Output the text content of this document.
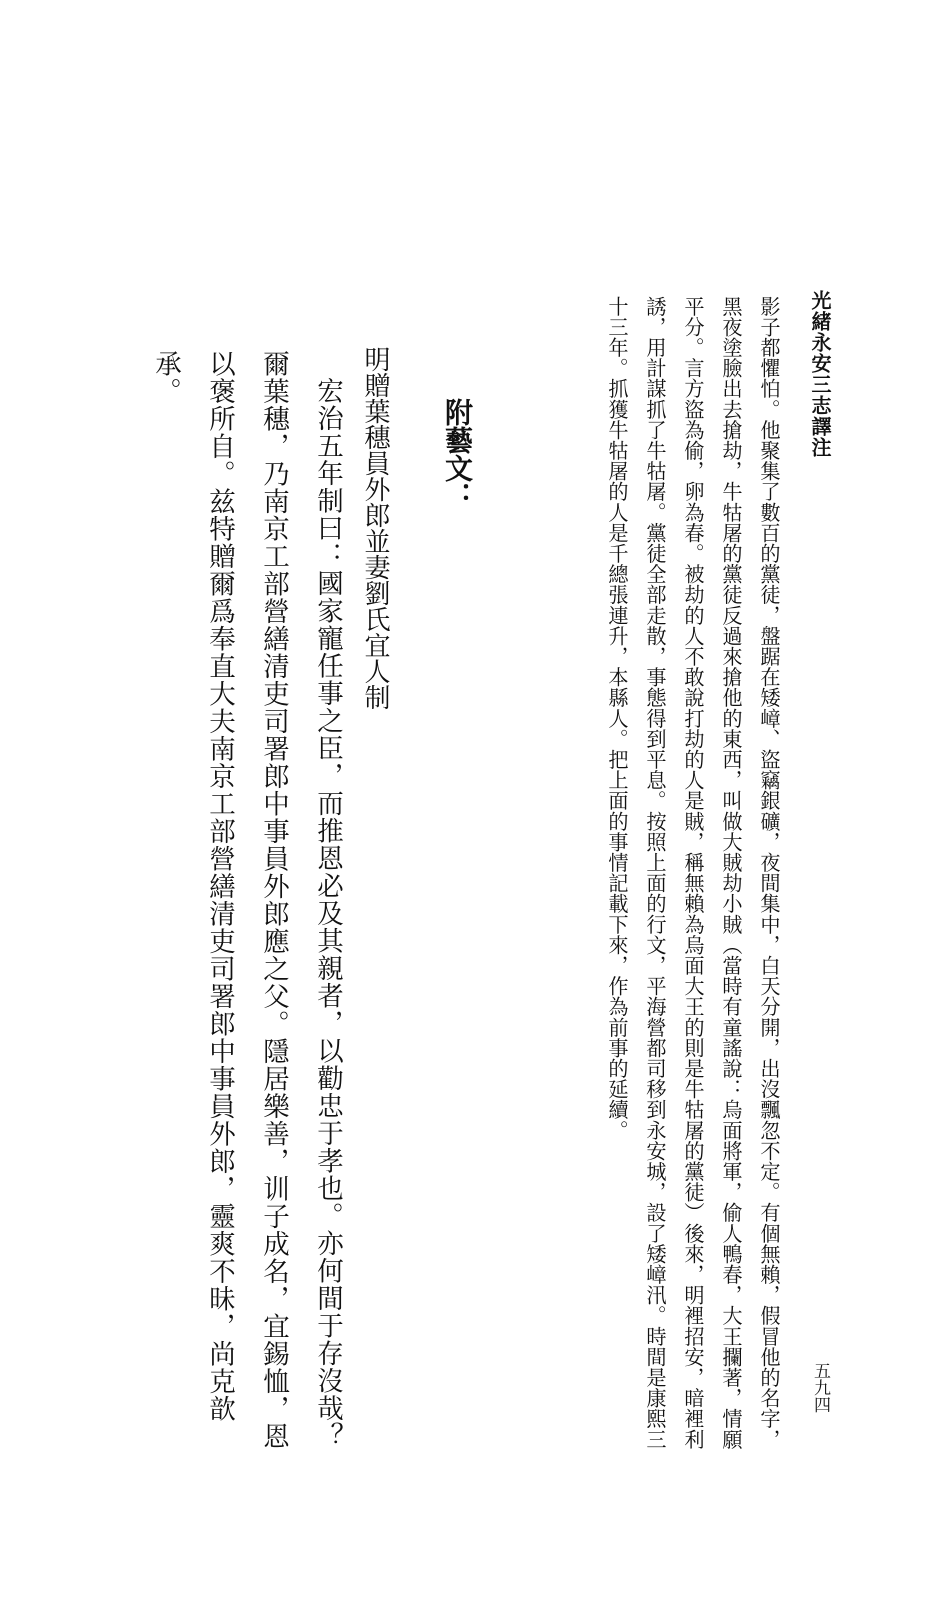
光緒永安三志譯注
五九四

影子都懼怕。他聚集了數百的黨徒，盤踞在矮嶂、盜竊銀礦，夜間集中，白天分開，出沒飄忽不定。有個無賴，假冒他的名字，黑夜塗臉出去搶劫，牛牯屠的黨徒反過來搶他的東西，叫做大賊劫小賊（當時有童謠說：烏面將軍，偷人鴨春，大王攔著，情願平分。言方盜為偷，卵為春。被劫的人不敢說打劫的人是賊，稱無賴為烏面大王的則是牛牯屠的黨徒）後來，明裡招安，暗裡利誘，用計謀抓了牛牯屠。黨徒全部走散，事態得到平息。按照上面的行文，平海營都司移到永安城，設了矮嶂汛。時間是康熙三十三年。抓獲牛牯屠的人是千總張連升，本縣人。把上面的事情記載下來，作為前事的延續。

附藝文：
明贈葉穗員外郎並妻劉氏宜人制

宏治五年制曰：國家寵任事之臣，而推恩必及其親者，以勸忠于孝也。亦何間于存沒哉？爾葉穗，乃南京工部營繕清吏司署郎中事員外郎應之父。隱居樂善，训子成名，宜錫恤，恩以褒所自。兹特贈爾爲奉直大夫南京工部營繕清吏司署郎中事員外郎，靈爽不昧，尚克歆承。
